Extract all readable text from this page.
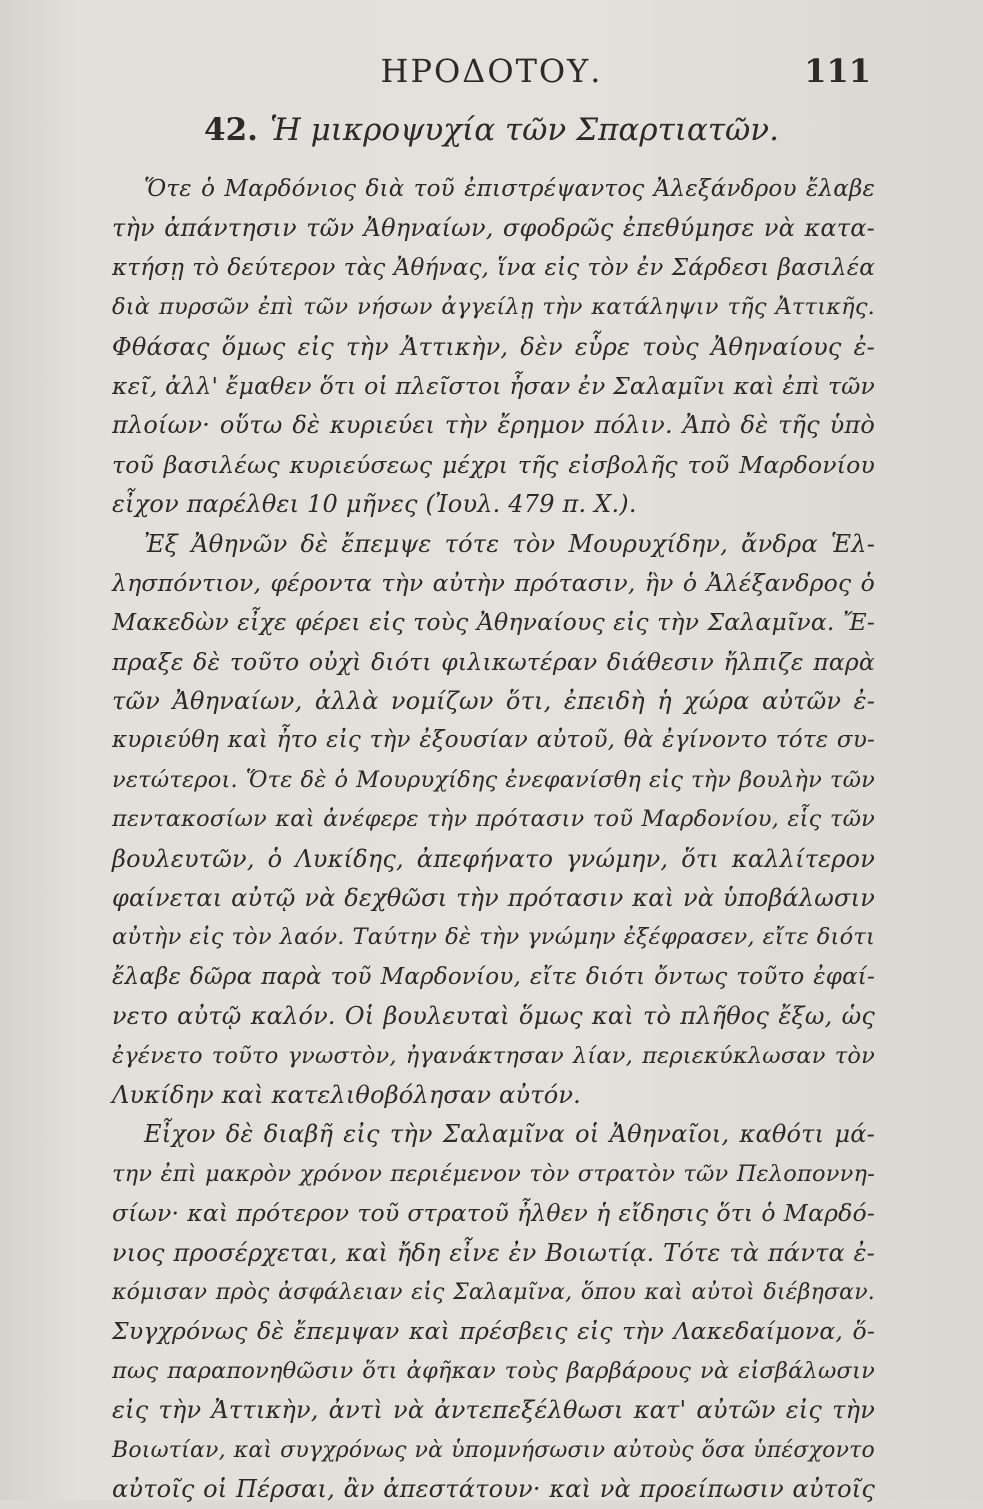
ΗΡΟΔΟΤΟΥ.	111
42. Ἡ μικροψυχία τῶν Σπαρτιατῶν.
Ὅτε ὁ Μαρδόνιος διὰ τοῦ ἐπιστρέψαντος Ἀλεξάνδρου ἔλαβε
τὴν ἀπάντησιν τῶν Ἀθηναίων, σφοδρῶς ἐπεθύμησε νὰ κατα-
κτήσῃ τὸ δεύτερον τὰς Ἀθήνας, ἵνα εἰς τὸν ἐν Σάρδεσι βασιλέα
διὰ πυρσῶν ἐπὶ τῶν νήσων ἀγγείλῃ τὴν κατάληψιν τῆς Ἀττικῆς.
Φθάσας ὅμως εἰς τὴν Ἀττικὴν, δὲν εὗρε τοὺς Ἀθηναίους ἐ-
κεῖ, ἀλλ' ἔμαθεν ὅτι οἱ πλεῖστοι ἦσαν ἐν Σαλαμῖνι καὶ ἐπὶ τῶν
πλοίων· οὕτω δὲ κυριεύει τὴν ἔρημον πόλιν. Ἀπὸ δὲ τῆς ὑπὸ
τοῦ βασιλέως κυριεύσεως μέχρι τῆς εἰσβολῆς τοῦ Μαρδονίου
εἶχον παρέλθει 10 μῆνες (Ἰουλ. 479 π. Χ.).
Ἐξ Ἀθηνῶν δὲ ἔπεμψε τότε τὸν Μουρυχίδην, ἄνδρα Ἑλ-
λησπόντιον, φέροντα τὴν αὐτὴν πρότασιν, ἣν ὁ Ἀλέξανδρος ὁ
Μακεδὼν εἶχε φέρει εἰς τοὺς Ἀθηναίους εἰς τὴν Σαλαμῖνα. Ἔ-
πραξε δὲ τοῦτο οὐχὶ διότι φιλικωτέραν διάθεσιν ἤλπιζε παρὰ
τῶν Ἀθηναίων, ἀλλὰ νομίζων ὅτι, ἐπειδὴ ἡ χώρα αὐτῶν ἐ-
κυριεύθη καὶ ἦτο εἰς τὴν ἐξουσίαν αὐτοῦ, θὰ ἐγίνοντο τότε συ-
νετώτεροι. Ὅτε δὲ ὁ Μουρυχίδης ἐνεφανίσθη εἰς τὴν βουλὴν τῶν
πεντακοσίων καὶ ἀνέφερε τὴν πρότασιν τοῦ Μαρδονίου, εἷς τῶν
βουλευτῶν, ὁ Λυκίδης, ἀπεφήνατο γνώμην, ὅτι καλλίτερον
φαίνεται αὐτῷ νὰ δεχθῶσι τὴν πρότασιν καὶ νὰ ὑποβάλωσιν
αὐτὴν εἰς τὸν λαόν. Ταύτην δὲ τὴν γνώμην ἐξέφρασεν, εἴτε διότι
ἔλαβε δῶρα παρὰ τοῦ Μαρδονίου, εἴτε διότι ὄντως τοῦτο ἐφαί-
νετο αὐτῷ καλόν. Οἱ βουλευταὶ ὅμως καὶ τὸ πλῆθος ἔξω, ὡς
ἐγένετο τοῦτο γνωστὸν, ἠγανάκτησαν λίαν, περιεκύκλωσαν τὸν
Λυκίδην καὶ κατελιθοβόλησαν αὐτόν.
Εἶχον δὲ διαβῆ εἰς τὴν Σαλαμῖνα οἱ Ἀθηναῖοι, καθότι μά-
την ἐπὶ μακρὸν χρόνον περιέμενον τὸν στρατὸν τῶν Πελοποννη-
σίων· καὶ πρότερον τοῦ στρατοῦ ἦλθεν ἡ εἴδησις ὅτι ὁ Μαρδό-
νιος προσέρχεται, καὶ ἤδη εἶνε ἐν Βοιωτίᾳ. Τότε τὰ πάντα ἐ-
κόμισαν πρὸς ἀσφάλειαν εἰς Σαλαμῖνα, ὅπου καὶ αὐτοὶ διέβησαν.
Συγχρόνως δὲ ἔπεμψαν καὶ πρέσβεις εἰς τὴν Λακεδαίμονα, ὅ-
πως παραπονηθῶσιν ὅτι ἀφῆκαν τοὺς βαρβάρους νὰ εἰσβάλωσιν
εἰς τὴν Ἀττικὴν, ἀντὶ νὰ ἀντεπεξέλθωσι κατ' αὐτῶν εἰς τὴν
Βοιωτίαν, καὶ συγχρόνως νὰ ὑπομνήσωσιν αὐτοὺς ὅσα ὑπέσχοντο
αὐτοῖς οἱ Πέρσαι, ἂν ἀπεστάτουν· καὶ νὰ προείπωσιν αὐτοῖς
